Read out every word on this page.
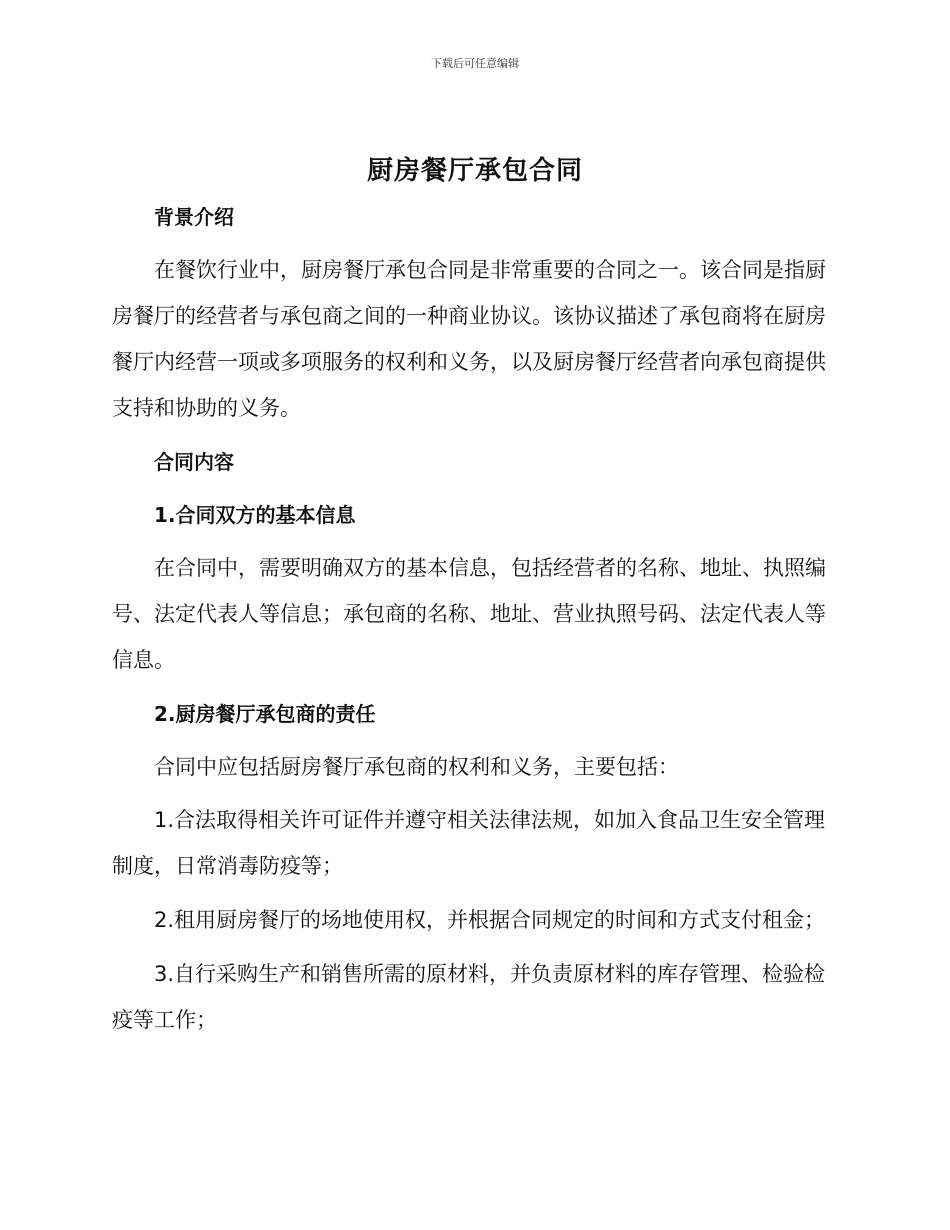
下载后可任意编辑
厨房餐厅承包合同

背景介绍

在餐饮行业中，厨房餐厅承包合同是非常重要的合同之一。该合同是指厨房餐厅的经营者与承包商之间的一种商业协议。该协议描述了承包商将在厨房餐厅内经营一项或多项服务的权利和义务，以及厨房餐厅经营者向承包商提供支持和协助的义务。

合同内容

1.合同双方的基本信息

在合同中，需要明确双方的基本信息，包括经营者的名称、地址、执照编号、法定代表人等信息；承包商的名称、地址、营业执照号码、法定代表人等信息。

2.厨房餐厅承包商的责任

合同中应包括厨房餐厅承包商的权利和义务，主要包括：

1.合法取得相关许可证件并遵守相关法律法规，如加入食品卫生安全管理制度，日常消毒防疫等；

2.租用厨房餐厅的场地使用权，并根据合同规定的时间和方式支付租金；

3.自行采购生产和销售所需的原材料，并负责原材料的库存管理、检验检疫等工作；
